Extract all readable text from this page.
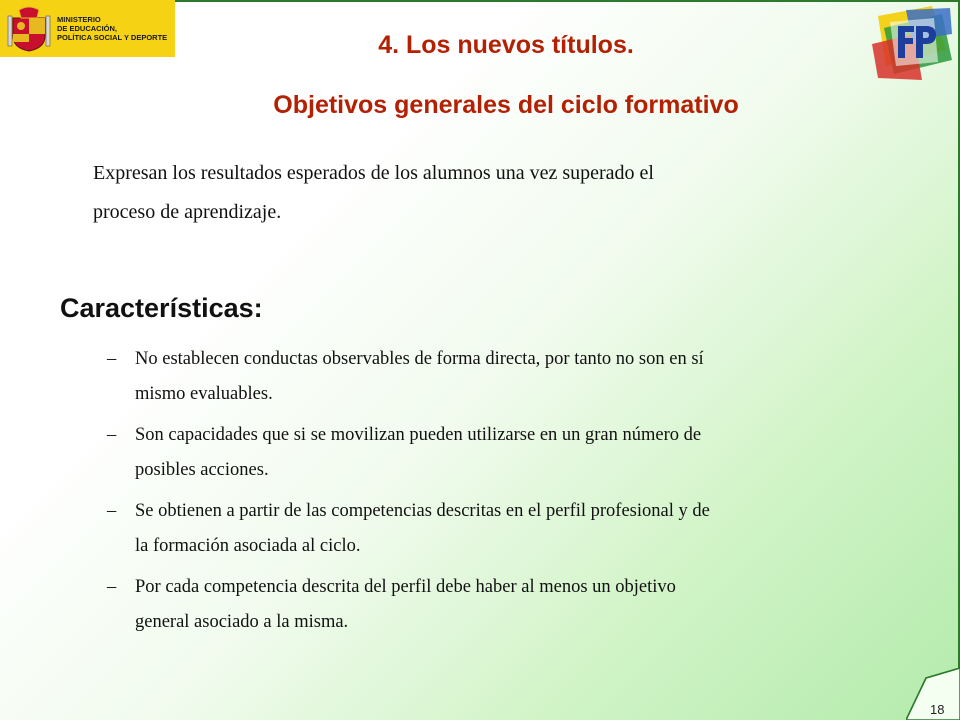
MINISTERIO
DE EDUCACIÓN,
POLÍTICA SOCIAL Y DEPORTE	4. Los nuevos títulos.
Objetivos generales del ciclo formativo
Expresan los resultados esperados de los alumnos una vez superado el
proceso de aprendizaje.
Características:
–	No establecen conductas observables de forma directa, por tanto no son en sí
mismo evaluables.
–	Son capacidades que si se movilizan pueden utilizarse en un gran número de
posibles acciones.
–	Se obtienen a partir de las competencias descritas en el perfil profesional y de
la formación asociada al ciclo.
–	Por cada competencia descrita del perfil debe haber al menos un objetivo
general asociado a la misma.
18
